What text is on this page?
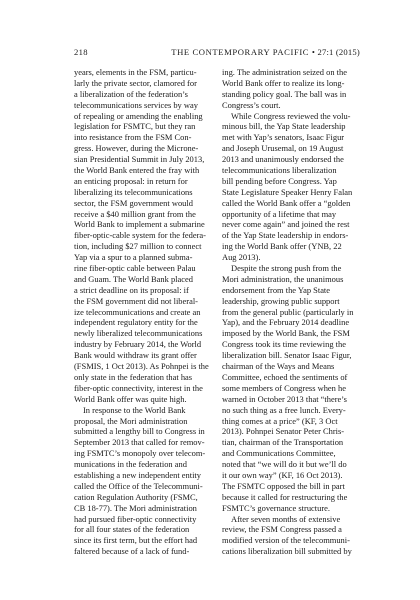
218	THE CONTEMPORARY PACIFIC • 27:1 (2015)
years, elements in the FSM, particu-
larly the private sector, clamored for
a liberalization of the federation’s
telecommunications services by way
of repealing or amending the enabling
legislation for FSMTC, but they ran
into resistance from the FSM Con-
gress. However, during the Microne-
sian Presidential Summit in July 2013,
the World Bank entered the fray with
an enticing proposal: in return for
liberalizing its telecommunications
sector, the FSM government would
receive a $40 million grant from the
World Bank to implement a submarine
fiber-optic-cable system for the federa-
tion, including $27 million to connect
Yap via a spur to a planned subma-
rine fiber-optic cable between Palau
and Guam. The World Bank placed
a strict deadline on its proposal: if
the FSM government did not liberal-
ize telecommunications and create an
independent regulatory entity for the
newly liberalized telecommunications
industry by February 2014, the World
Bank would withdraw its grant offer
(FSMIS, 1 Oct 2013). As Pohnpei is the
only state in the federation that has
fiber-optic connectivity, interest in the
World Bank offer was quite high.
In response to the World Bank
proposal, the Mori administration
submitted a lengthy bill to Congress in
September 2013 that called for remov-
ing FSMTC’s monopoly over telecom-
munications in the federation and
establishing a new independent entity
called the Office of the Telecommuni-
cation Regulation Authority (FSMC,
CB 18-77). The Mori administration
had pursued fiber-optic connectivity
for all four states of the federation
since its first term, but the effort had
faltered because of a lack of fund-
ing. The administration seized on the
World Bank offer to realize its long-
standing policy goal. The ball was in
Congress’s court.
While Congress reviewed the volu-
minous bill, the Yap State leadership
met with Yap’s senators, Isaac Figur
and Joseph Urusemal, on 19 August
2013 and unanimously endorsed the
telecommunications liberalization
bill pending before Congress. Yap
State Legislature Speaker Henry Falan
called the World Bank offer a “golden
opportunity of a lifetime that may
never come again” and joined the rest
of the Yap State leadership in endors-
ing the World Bank offer (YNB, 22
Aug 2013).
Despite the strong push from the
Mori administration, the unanimous
endorsement from the Yap State
leadership, growing public support
from the general public (particularly in
Yap), and the February 2014 deadline
imposed by the World Bank, the FSM
Congress took its time reviewing the
liberalization bill. Senator Isaac Figur,
chairman of the Ways and Means
Committee, echoed the sentiments of
some members of Congress when he
warned in October 2013 that “there’s
no such thing as a free lunch. Every-
thing comes at a price” (KF, 3 Oct
2013). Pohnpei Senator Peter Chris-
tian, chairman of the Transportation
and Communications Committee,
noted that “we will do it but we’ll do
it our own way” (KF, 16 Oct 2013).
The FSMTC opposed the bill in part
because it called for restructuring the
FSMTC’s governance structure.
After seven months of extensive
review, the FSM Congress passed a
modified version of the telecommuni-
cations liberalization bill submitted by
